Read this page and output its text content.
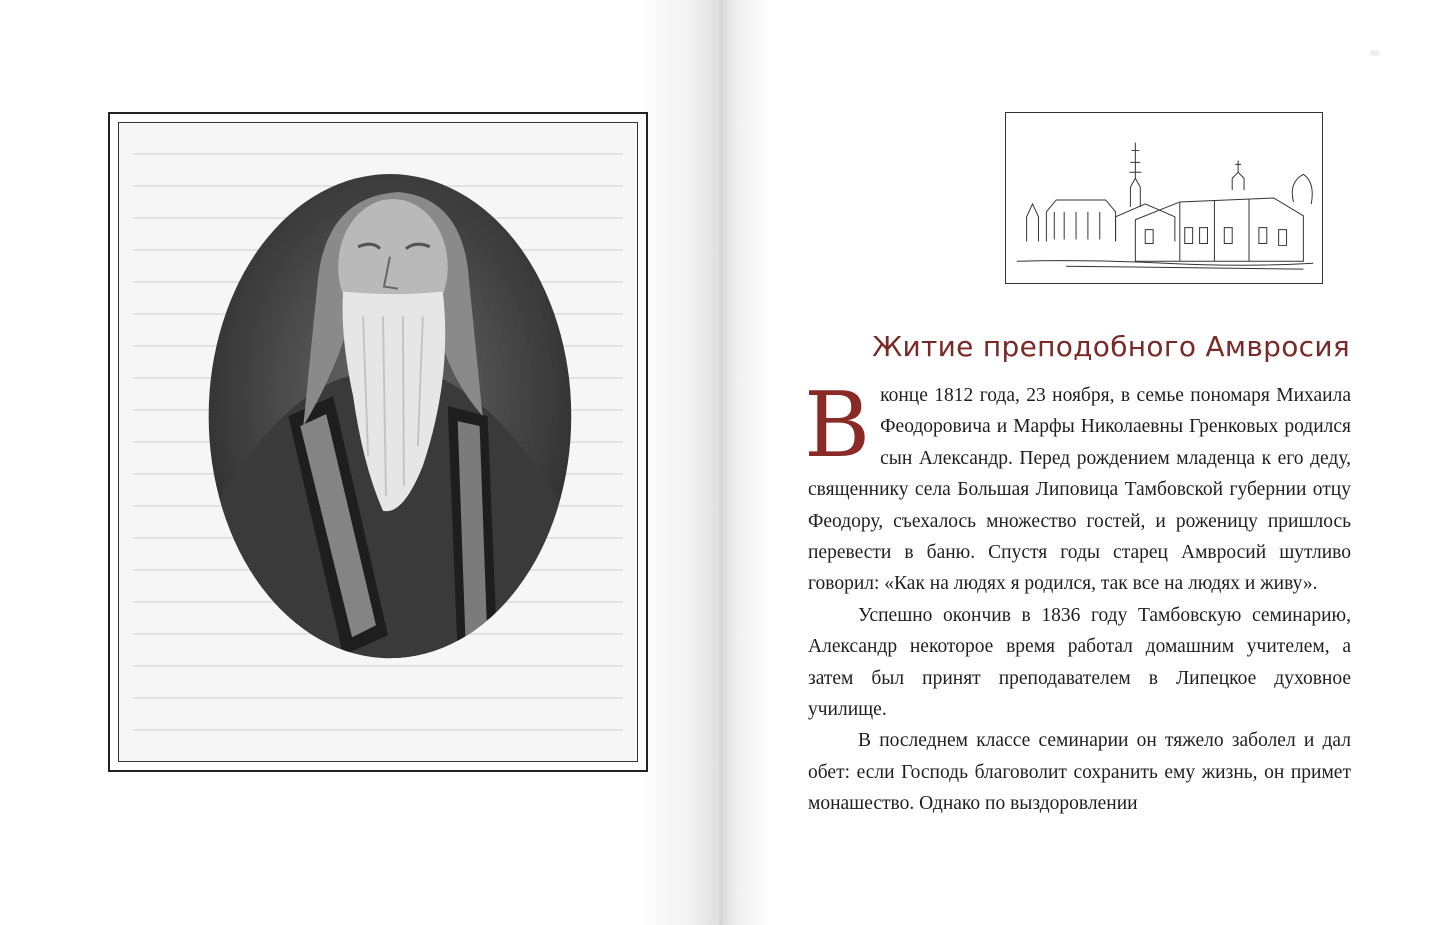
Житие преподобного Амвросия

Вконце 1812 года, 23 ноября, в семье пономаря Михаила Феодоровича и Марфы Николаевны Гренковых родился сын Александр. Перед рождением младенца к его деду, священнику села Большая Липовица Тамбовской губернии отцу Феодору, съехалось множество гостей, и роженицу пришлось перевести в баню. Спустя годы старец Амвросий шутливо говорил: «Как на людях я родился, так все на людях и живу».

Успешно окончив в 1836 году Тамбовскую семинарию, Александр некоторое время работал домашним учителем, а затем был принят преподавателем в Липецкое духовное училище.

В последнем классе семинарии он тяжело заболел и дал обет: если Господь благоволит сохранить ему жизнь, он примет монашество. Однако по выздоровлении
